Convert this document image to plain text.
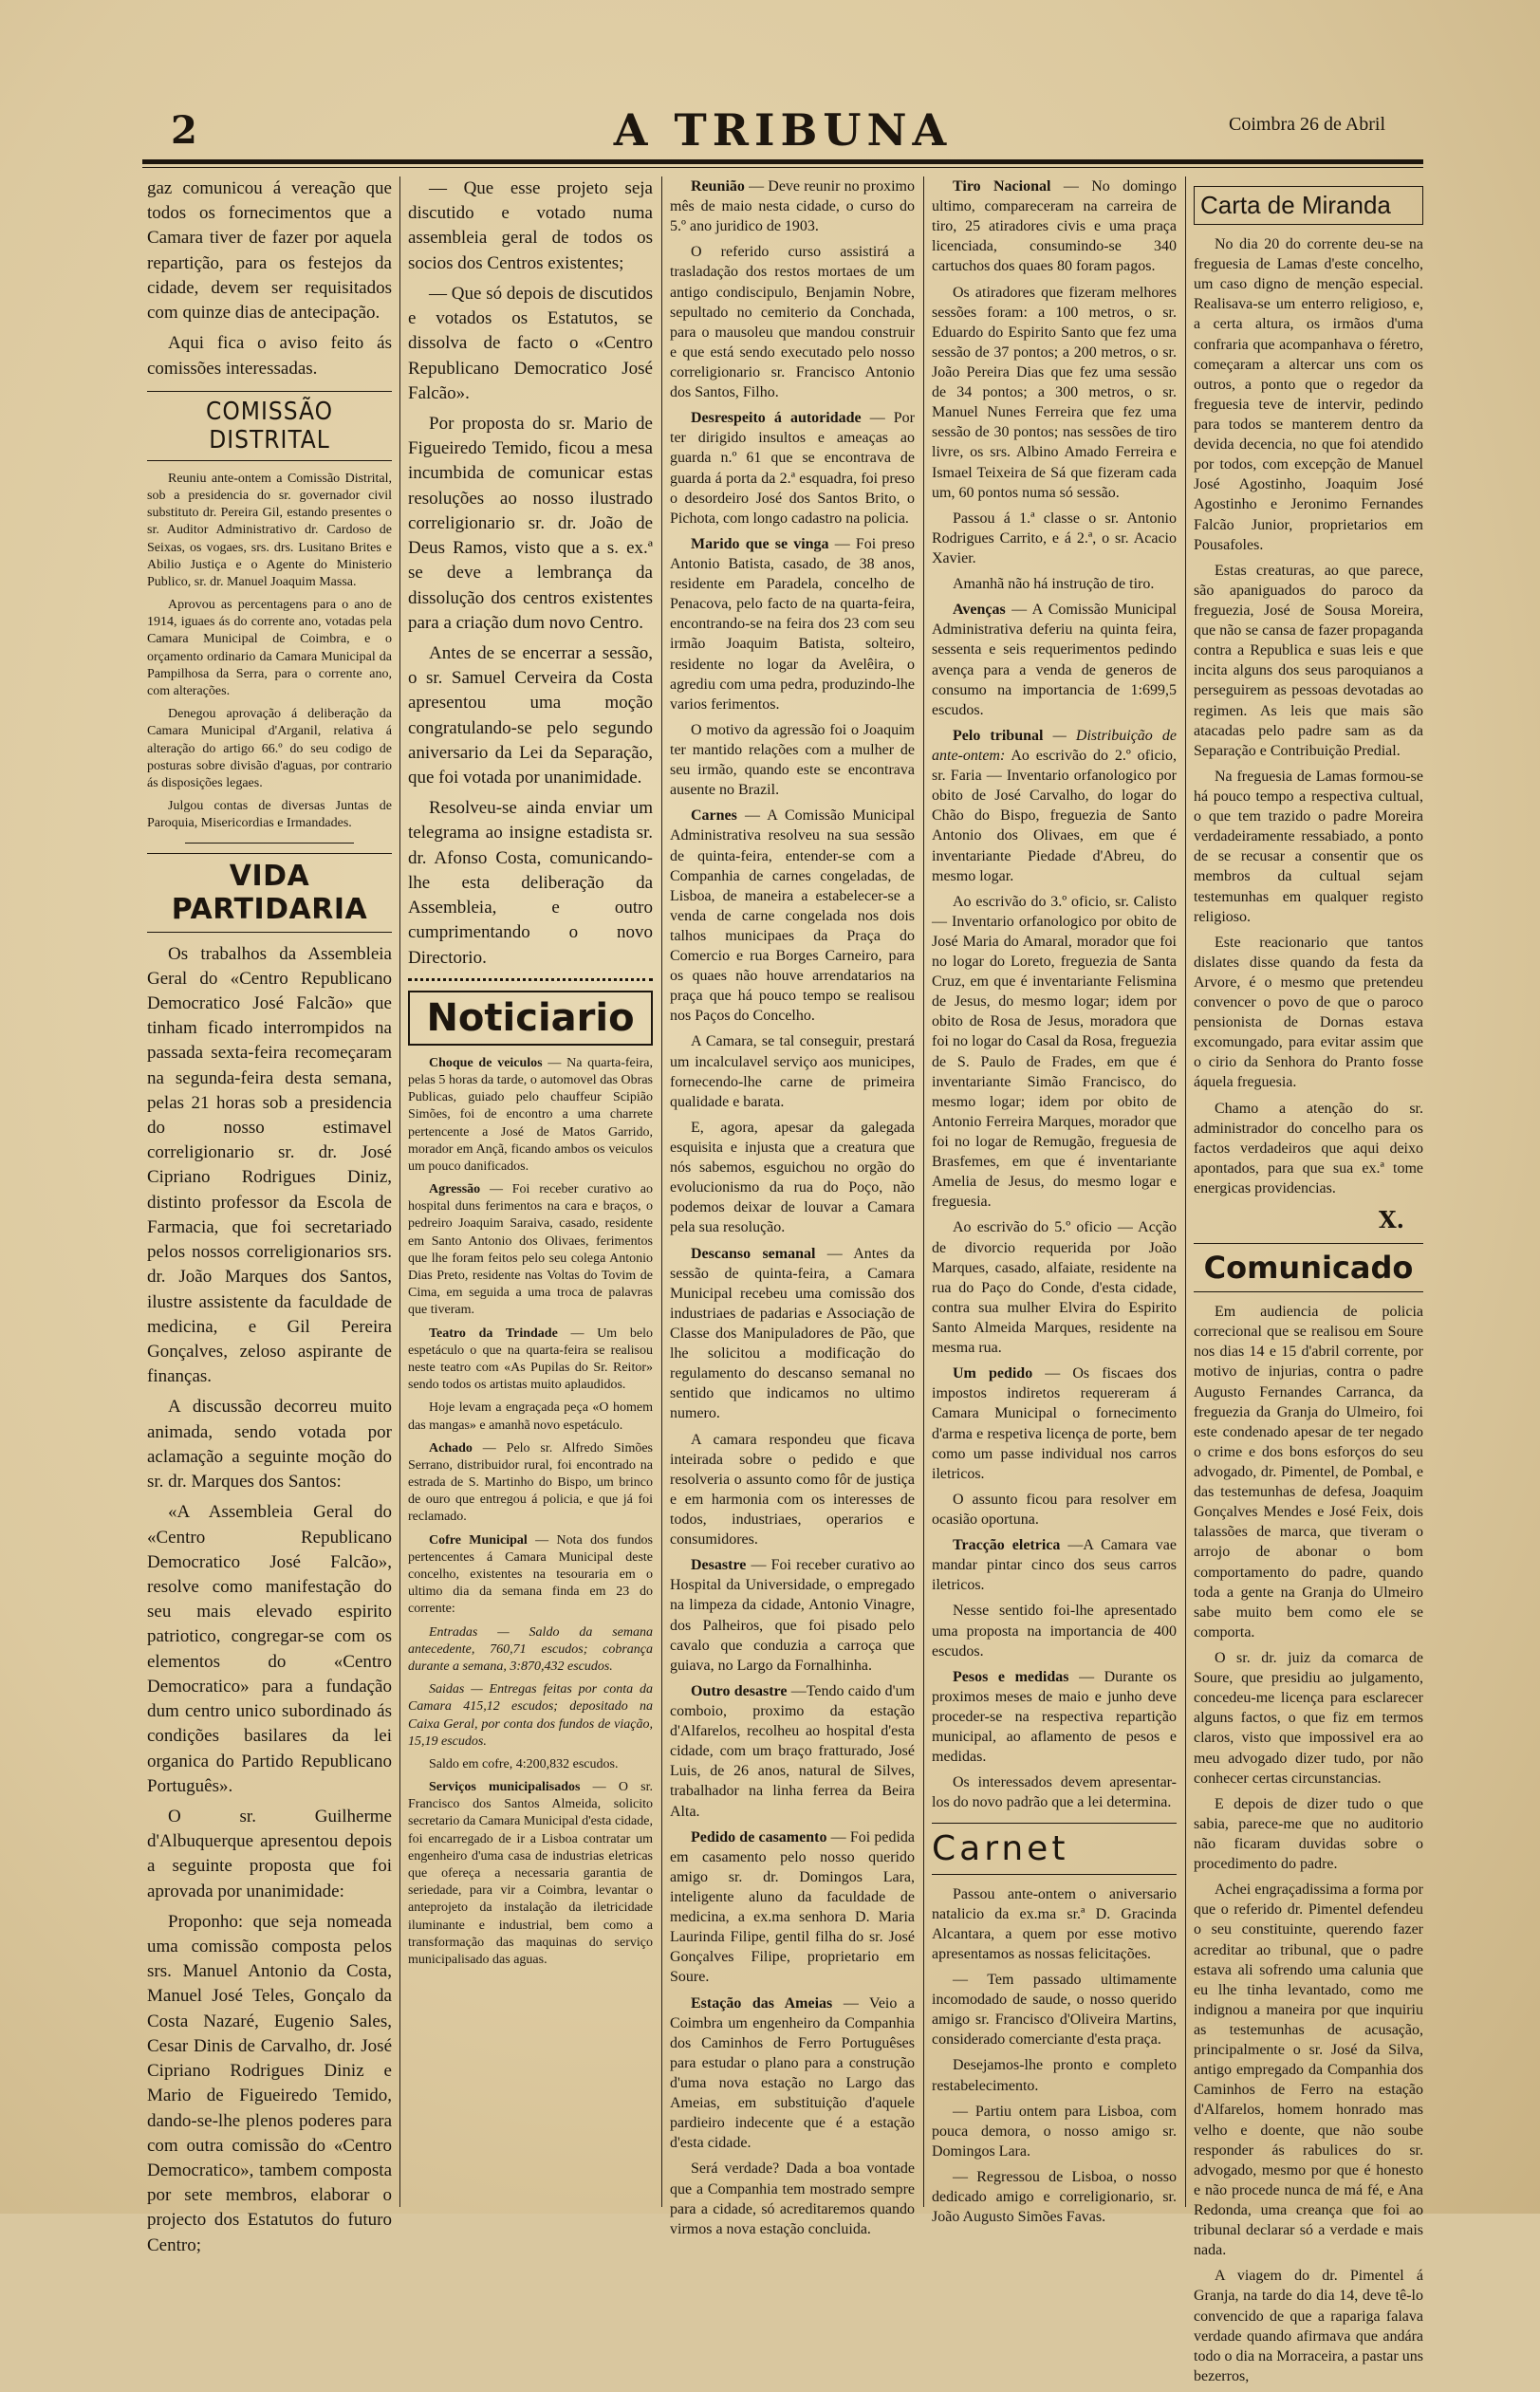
2	A TRIBUNA	Coimbra 26 de Abril

gaz comunicou á vereação que todos os fornecimentos que a Camara tiver de fazer por aquela repartição, para os festejos da cidade, devem ser requisitados com quinze dias de antecipação.

Aqui fica o aviso feito ás comissões interessadas.

COMISSÃO DISTRITAL

Reuniu ante-ontem a Comissão Distrital, sob a presidencia do sr. governador civil substituto dr. Pereira Gil, estando presentes o sr. Auditor Administrativo dr. Cardoso de Seixas, os vogaes, srs. drs. Lusitano Brites e Abilio Justiça e o Agente do Ministerio Publico, sr. dr. Manuel Joaquim Massa.

Aprovou as percentagens para o ano de 1914, iguaes ás do corrente ano, votadas pela Camara Municipal de Coimbra, e o orçamento ordinario da Camara Municipal da Pampilhosa da Serra, para o corrente ano, com alterações.

Denegou aprovação á deliberação da Camara Municipal d'Arganil, relativa á alteração do artigo 66.º do seu codigo de posturas sobre divisão d'aguas, por contrario ás disposições legaes.

Julgou contas de diversas Juntas de Paroquia, Misericordias e Irmandades.

VIDA PARTIDARIA

Os trabalhos da Assembleia Geral do «Centro Republicano Democratico José Falcão» que tinham ficado interrompidos na passada sexta-feira recomeçaram na segunda-feira desta semana, pelas 21 horas sob a presidencia do nosso estimavel correligionario sr. dr. José Cipriano Rodrigues Diniz, distinto professor da Escola de Farmacia, que foi secretariado pelos nossos correligionarios srs. dr. João Marques dos Santos, ilustre assistente da faculdade de medicina, e Gil Pereira Gonçalves, zeloso aspirante de finanças.

A discussão decorreu muito animada, sendo votada por aclamação a seguinte moção do sr. dr. Marques dos Santos:

«A Assembleia Geral do «Centro Republicano Democratico José Falcão», resolve como manifestação do seu mais elevado espirito patriotico, congregar-se com os elementos do «Centro Democratico» para a fundação dum centro unico subordinado ás condições basilares da lei organica do Partido Republicano Português».

O sr. Guilherme d'Albuquerque apresentou depois a seguinte proposta que foi aprovada por unanimidade:

Proponho: que seja nomeada uma comissão composta pelos srs. Manuel Antonio da Costa, Manuel José Teles, Gonçalo da Costa Nazaré, Eugenio Sales, Cesar Dinis de Carvalho, dr. José Cipriano Rodrigues Diniz e Mario de Figueiredo Temido, dando-se-lhe plenos poderes para com outra comissão do «Centro Democratico», tambem composta por sete membros, elaborar o projecto dos Estatutos do futuro Centro;

— Que esse projeto seja discutido e votado numa assembleia geral de todos os socios dos Centros existentes;

— Que só depois de discutidos e votados os Estatutos, se dissolva de facto o «Centro Republicano Democratico José Falcão».

Por proposta do sr. Mario de Figueiredo Temido, ficou a mesa incumbida de comunicar estas resoluções ao nosso ilustrado correligionario sr. dr. João de Deus Ramos, visto que a s. ex.ª se deve a lembrança da dissolução dos centros existentes para a criação dum novo Centro.

Antes de se encerrar a sessão, o sr. Samuel Cerveira da Costa apresentou uma moção congratulando-se pelo segundo aniversario da Lei da Separação, que foi votada por unanimidade.

Resolveu-se ainda enviar um telegrama ao insigne estadista sr. dr. Afonso Costa, comunicando-lhe esta deliberação da Assembleia, e outro cumprimentando o novo Directorio.

Noticiario

Choque de veiculos — Na quarta-feira, pelas 5 horas da tarde, o automovel das Obras Publicas, guiado pelo chauffeur Scipião Simões, foi de encontro a uma charrete pertencente a José de Matos Garrido, morador em Ançã, ficando ambos os veiculos um pouco danificados.

Agressão — Foi receber curativo ao hospital duns ferimentos na cara e braços, o pedreiro Joaquim Saraiva, casado, residente em Santo Antonio dos Olivaes, ferimentos que lhe foram feitos pelo seu colega Antonio Dias Preto, residente nas Voltas do Tovim de Cima, em seguida a uma troca de palavras que tiveram.

Teatro da Trindade — Um belo espetáculo o que na quarta-feira se realisou neste teatro com «As Pupilas do Sr. Reitor» sendo todos os artistas muito aplaudidos.

Hoje levam a engraçada peça «O homem das mangas» e amanhã novo espetáculo.

Achado — Pelo sr. Alfredo Simões Serrano, distribuidor rural, foi encontrado na estrada de S. Martinho do Bispo, um brinco de ouro que entregou á policia, e que já foi reclamado.

Cofre Municipal — Nota dos fundos pertencentes á Camara Municipal deste concelho, existentes na tesouraria em o ultimo dia da semana finda em 23 do corrente:

Entradas — Saldo da semana antecedente, 760,71 escudos; cobrança durante a semana, 3:870,432 escudos.

Saidas — Entregas feitas por conta da Camara 415,12 escudos; depositado na Caixa Geral, por conta dos fundos de viação, 15,19 escudos.

Saldo em cofre, 4:200,832 escudos.

Serviços municipalisados — O sr. Francisco dos Santos Almeida, solicito secretario da Camara Municipal d'esta cidade, foi encarregado de ir a Lisboa contratar um engenheiro d'uma casa de industrias eletricas que ofereça a necessaria garantia de seriedade, para vir a Coimbra, levantar o anteprojeto da instalação da iletricidade iluminante e industrial, bem como a transformação das maquinas do serviço municipalisado das aguas.

Reunião — Deve reunir no proximo mês de maio nesta cidade, o curso do 5.º ano juridico de 1903.

O referido curso assistirá a trasladação dos restos mortaes de um antigo condiscipulo, Benjamin Nobre, sepultado no cemiterio da Conchada, para o mausoleu que mandou construir e que está sendo executado pelo nosso correligionario sr. Francisco Antonio dos Santos, Filho.

Desrespeito á autoridade — Por ter dirigido insultos e ameaças ao guarda n.º 61 que se encontrava de guarda á porta da 2.ª esquadra, foi preso o desordeiro José dos Santos Brito, o Pichota, com longo cadastro na policia.

Marido que se vinga — Foi preso Antonio Batista, casado, de 38 anos, residente em Paradela, concelho de Penacova, pelo facto de na quarta-feira, encontrando-se na feira dos 23 com seu irmão Joaquim Batista, solteiro, residente no logar da Avelêira, o agrediu com uma pedra, produzindo-lhe varios ferimentos.

O motivo da agressão foi o Joaquim ter mantido relações com a mulher de seu irmão, quando este se encontrava ausente no Brazil.

Carnes — A Comissão Municipal Administrativa resolveu na sua sessão de quinta-feira, entender-se com a Companhia de carnes congeladas, de Lisboa, de maneira a estabelecer-se a venda de carne congelada nos dois talhos municipaes da Praça do Comercio e rua Borges Carneiro, para os quaes não houve arrendatarios na praça que há pouco tempo se realisou nos Paços do Concelho.

A Camara, se tal conseguir, prestará um incalculavel serviço aos municipes, fornecendo-lhe carne de primeira qualidade e barata.

E, agora, apesar da galegada esquisita e injusta que a creatura que nós sabemos, esguichou no orgão do evolucionismo da rua do Poço, não podemos deixar de louvar a Camara pela sua resolução.

Descanso semanal — Antes da sessão de quinta-feira, a Camara Municipal recebeu uma comissão dos industriaes de padarias e Associação de Classe dos Manipuladores de Pão, que lhe solicitou a modificação do regulamento do descanso semanal no sentido que indicamos no ultimo numero.

A camara respondeu que ficava inteirada sobre o pedido e que resolveria o assunto como fôr de justiça e em harmonia com os interesses de todos, industriaes, operarios e consumidores.

Desastre — Foi receber curativo ao Hospital da Universidade, o empregado na limpeza da cidade, Antonio Vinagre, dos Palheiros, que foi pisado pelo cavalo que conduzia a carroça que guiava, no Largo da Fornalhinha.

Outro desastre —Tendo caido d'um comboio, proximo da estação d'Alfarelos, recolheu ao hospital d'esta cidade, com um braço fratturado, José Luis, de 26 anos, natural de Silves, trabalhador na linha ferrea da Beira Alta.

Pedido de casamento — Foi pedida em casamento pelo nosso querido amigo sr. dr. Domingos Lara, inteligente aluno da faculdade de medicina, a ex.ma senhora D. Maria Laurinda Filipe, gentil filha do sr. José Gonçalves Filipe, proprietario em Soure.

Estação das Ameias — Veio a Coimbra um engenheiro da Companhia dos Caminhos de Ferro Portuguêses para estudar o plano para a construção d'uma nova estação no Largo das Ameias, em substituição d'aquele pardieiro indecente que é a estação d'esta cidade.

Será verdade? Dada a boa vontade que a Companhia tem mostrado sempre para a cidade, só acreditaremos quando virmos a nova estação concluida.

Tiro Nacional — No domingo ultimo, compareceram na carreira de tiro, 25 atiradores civis e uma praça licenciada, consumindo-se 340 cartuchos dos quaes 80 foram pagos.

Os atiradores que fizeram melhores sessões foram: a 100 metros, o sr. Eduardo do Espirito Santo que fez uma sessão de 37 pontos; a 200 metros, o sr. João Pereira Dias que fez uma sessão de 34 pontos; a 300 metros, o sr. Manuel Nunes Ferreira que fez uma sessão de 30 pontos; nas sessões de tiro livre, os srs. Albino Amado Ferreira e Ismael Teixeira de Sá que fizeram cada um, 60 pontos numa só sessão.

Passou á 1.ª classe o sr. Antonio Rodrigues Carrito, e á 2.ª, o sr. Acacio Xavier.

Amanhã não há instrução de tiro.

Avenças — A Comissão Municipal Administrativa deferiu na quinta feira, sessenta e seis requerimentos pedindo avença para a venda de generos de consumo na importancia de 1:699,5 escudos.

Pelo tribunal — Distribuição de ante-ontem: Ao escrivão do 2.º oficio, sr. Faria — Inventario orfanologico por obito de José Carvalho, do logar do Chão do Bispo, freguezia de Santo Antonio dos Olivaes, em que é inventariante Piedade d'Abreu, do mesmo logar.

Ao escrivão do 3.º oficio, sr. Calisto — Inventario orfanologico por obito de José Maria do Amaral, morador que foi no logar do Loreto, freguezia de Santa Cruz, em que é inventariante Felismina de Jesus, do mesmo logar; idem por obito de Rosa de Jesus, moradora que foi no logar do Casal da Rosa, freguezia de S. Paulo de Frades, em que é inventariante Simão Francisco, do mesmo logar; idem por obito de Antonio Ferreira Marques, morador que foi no logar de Remugão, freguesia de Brasfemes, em que é inventariante Amelia de Jesus, do mesmo logar e freguesia.

Ao escrivão do 5.º oficio — Acção de divorcio requerida por João Marques, casado, alfaiate, residente na rua do Paço do Conde, d'esta cidade, contra sua mulher Elvira do Espirito Santo Almeida Marques, residente na mesma rua.

Um pedido — Os fiscaes dos impostos indiretos requereram á Camara Municipal o fornecimento d'arma e respetiva licença de porte, bem como um passe individual nos carros iletricos.

O assunto ficou para resolver em ocasião oportuna.

Tracção eletrica —A Camara vae mandar pintar cinco dos seus carros iletricos.

Nesse sentido foi-lhe apresentado uma proposta na importancia de 400 escudos.

Pesos e medidas — Durante os proximos meses de maio e junho deve proceder-se na respectiva repartição municipal, ao aflamento de pesos e medidas.

Os interessados devem apresentar-los do novo padrão que a lei determina.

Carnet

Passou ante-ontem o aniversario natalicio da ex.ma sr.ª D. Gracinda Alcantara, a quem por esse motivo apresentamos as nossas felicitações.

— Tem passado ultimamente incomodado de saude, o nosso querido amigo sr. Francisco d'Oliveira Martins, considerado comerciante d'esta praça.

Desejamos-lhe pronto e completo restabelecimento.

— Partiu ontem para Lisboa, com pouca demora, o nosso amigo sr. Domingos Lara.

— Regressou de Lisboa, o nosso dedicado amigo e correligionario, sr. João Augusto Simões Favas.

Carta de Miranda

No dia 20 do corrente deu-se na freguesia de Lamas d'este concelho, um caso digno de menção especial. Realisava-se um enterro religioso, e, a certa altura, os irmãos d'uma confraria que acompanhava o féretro, começaram a altercar uns com os outros, a ponto que o regedor da freguesia teve de intervir, pedindo para todos se manterem dentro da devida decencia, no que foi atendido por todos, com excepção de Manuel José Agostinho, Joaquim José Agostinho e Jeronimo Fernandes Falcão Junior, proprietarios em Pousafoles.

Estas creaturas, ao que parece, são apaniguados do paroco da freguezia, José de Sousa Moreira, que não se cansa de fazer propaganda contra a Republica e suas leis e que incita alguns dos seus paroquianos a perseguirem as pessoas devotadas ao regimen. As leis que mais são atacadas pelo padre sam as da Separação e Contribuição Predial.

Na freguesia de Lamas formou-se há pouco tempo a respectiva cultual, o que tem trazido o padre Moreira verdadeiramente ressabiado, a ponto de se recusar a consentir que os membros da cultual sejam testemunhas em qualquer registo religioso.

Este reacionario que tantos dislates disse quando da festa da Arvore, é o mesmo que pretendeu convencer o povo de que o paroco pensionista de Dornas estava excomungado, para evitar assim que o cirio da Senhora do Pranto fosse áquela freguesia.

Chamo a atenção do sr. administrador do concelho para os factos verdadeiros que aqui deixo apontados, para que sua ex.ª tome energicas providencias.

X.
Comunicado

Em audiencia de policia correcional que se realisou em Soure nos dias 14 e 15 d'abril corrente, por motivo de injurias, contra o padre Augusto Fernandes Carranca, da freguezia da Granja do Ulmeiro, foi este condenado apesar de ter negado o crime e dos bons esforços do seu advogado, dr. Pimentel, de Pombal, e das testemunhas de defesa, Joaquim Gonçalves Mendes e José Feix, dois talassões de marca, que tiveram o arrojo de abonar o bom comportamento do padre, quando toda a gente na Granja do Ulmeiro sabe muito bem como ele se comporta.

O sr. dr. juiz da comarca de Soure, que presidiu ao julgamento, concedeu-me licença para esclarecer alguns factos, o que fiz em termos claros, visto que impossivel era ao meu advogado dizer tudo, por não conhecer certas circunstancias.

E depois de dizer tudo o que sabia, parece-me que no auditorio não ficaram duvidas sobre o procedimento do padre.

Achei engraçadissima a forma por que o referido dr. Pimentel defendeu o seu constituinte, querendo fazer acreditar ao tribunal, que o padre estava ali sofrendo uma calunia que eu lhe tinha levantado, como me indignou a maneira por que inquiriu as testemunhas de acusação, principalmente o sr. José da Silva, antigo empregado da Companhia dos Caminhos de Ferro na estação d'Alfarelos, homem honrado mas velho e doente, que não soube responder ás rabulices do sr. advogado, mesmo por que é honesto e não procede nunca de má fé, e Ana Redonda, uma creança que foi ao tribunal declarar só a verdade e mais nada.

A viagem do dr. Pimentel á Granja, na tarde do dia 14, deve tê-lo convencido de que a rapariga falava verdade quando afirmava que andára todo o dia na Morraceira, a pastar uns bezerros,
